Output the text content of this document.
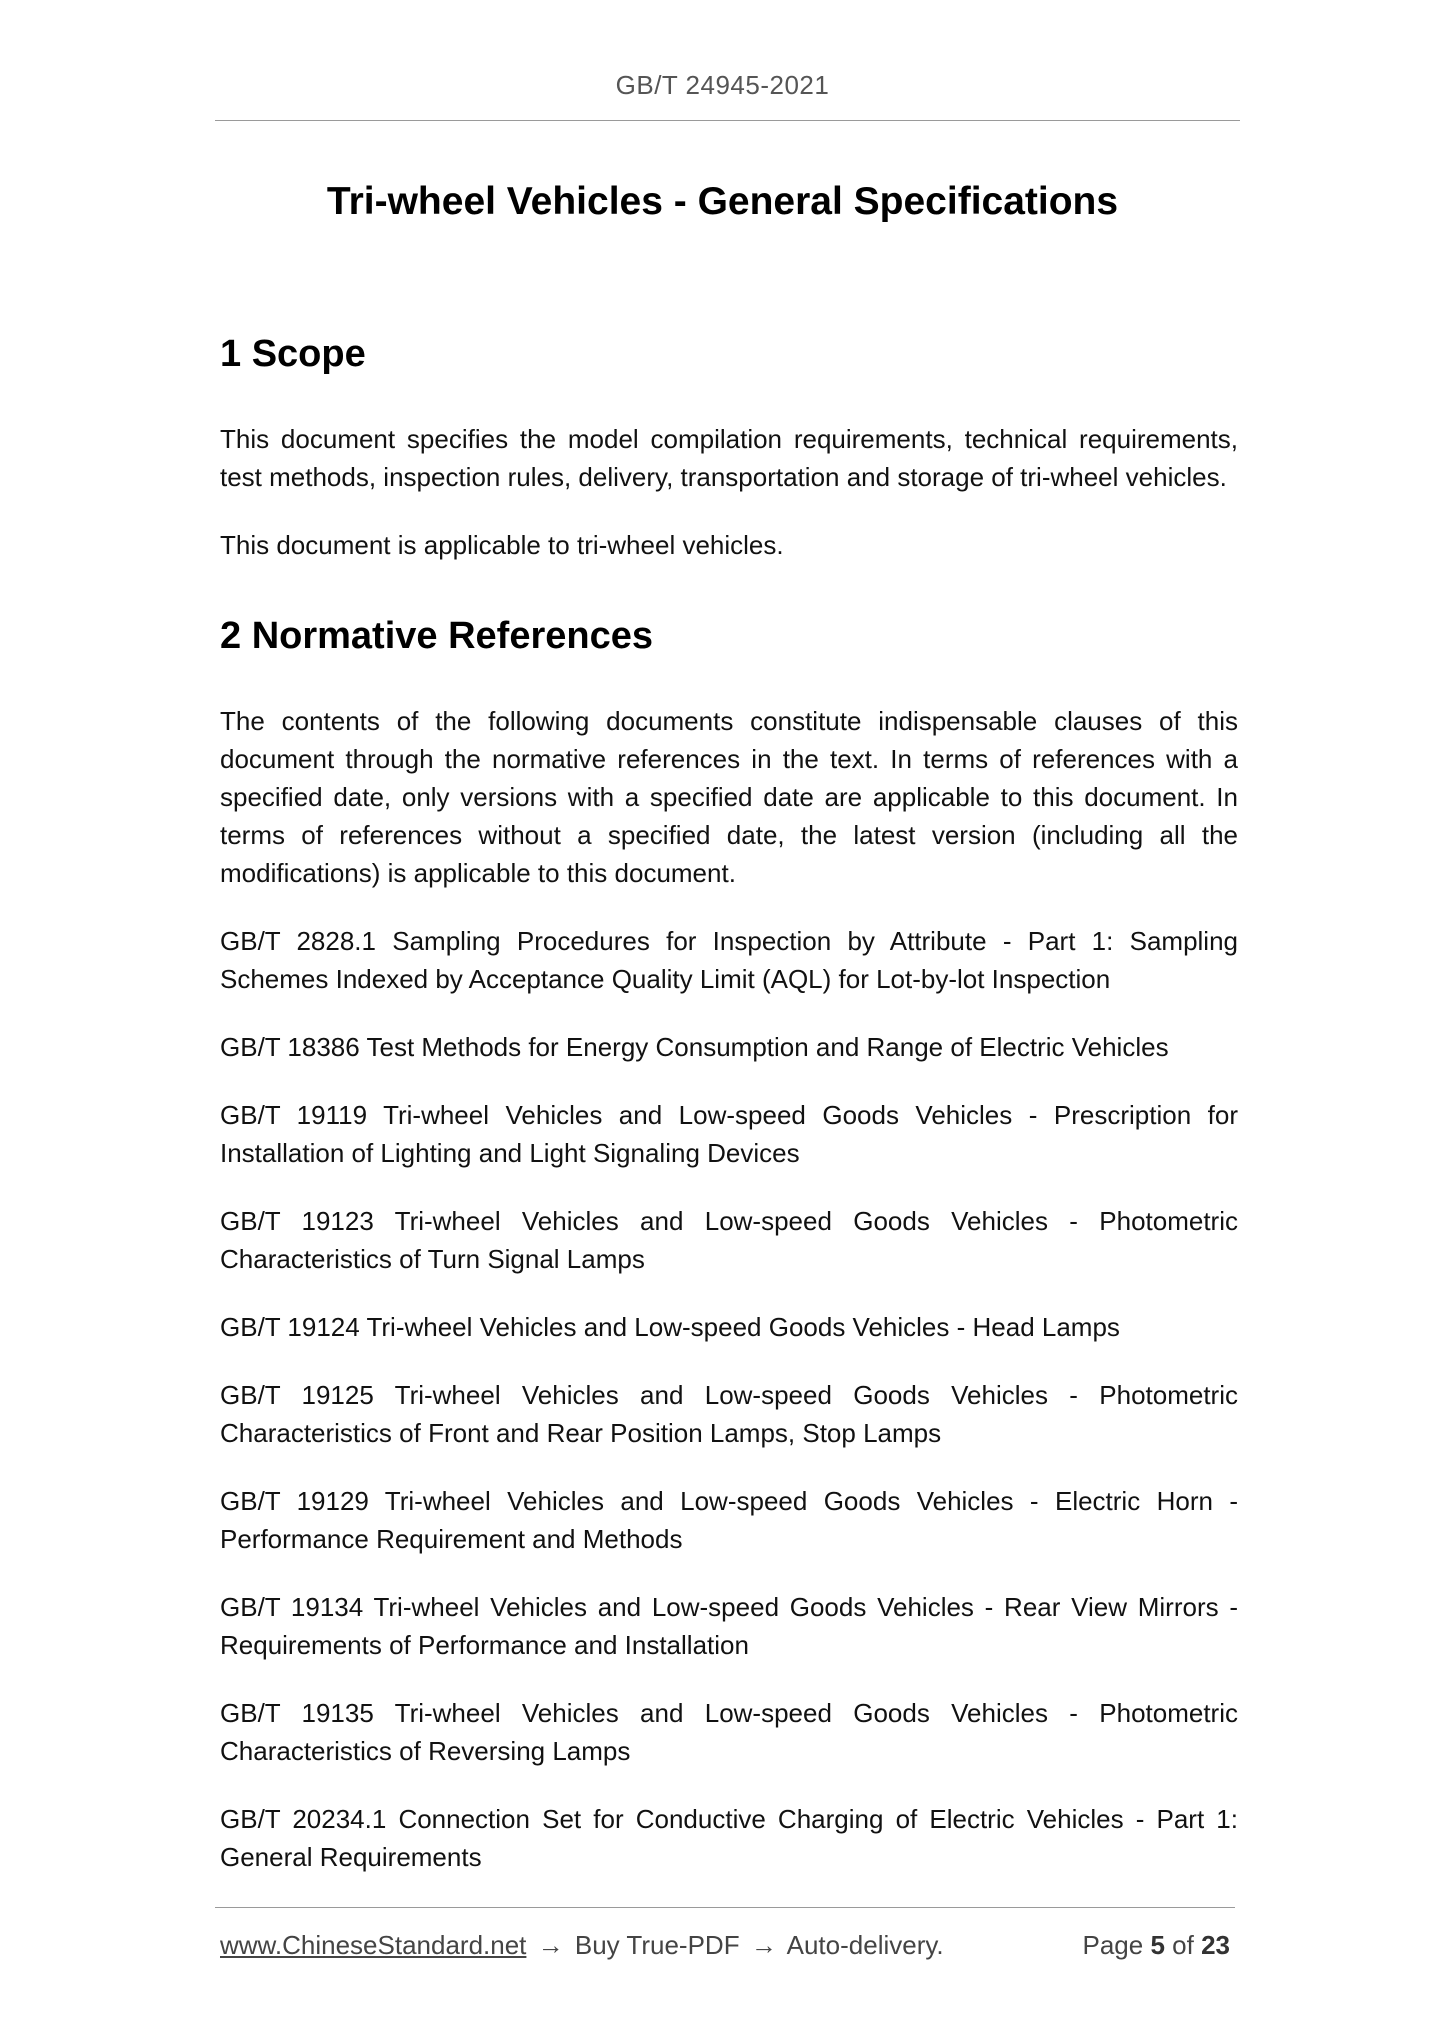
GB/T 24945-2021
Tri-wheel Vehicles - General Specifications
1 Scope

This document specifies the model compilation requirements, technical requirements, test methods, inspection rules, delivery, transportation and storage of tri-wheel vehicles.

This document is applicable to tri-wheel vehicles.

2 Normative References

The contents of the following documents constitute indispensable clauses of this document through the normative references in the text. In terms of references with a specified date, only versions with a specified date are applicable to this document. In terms of references without a specified date, the latest version (including all the modifications) is applicable to this document.

GB/T 2828.1 Sampling Procedures for Inspection by Attribute - Part 1: Sampling Schemes Indexed by Acceptance Quality Limit (AQL) for Lot-by-lot Inspection

GB/T 18386 Test Methods for Energy Consumption and Range of Electric Vehicles

GB/T 19119 Tri-wheel Vehicles and Low-speed Goods Vehicles - Prescription for Installation of Lighting and Light Signaling Devices

GB/T 19123 Tri-wheel Vehicles and Low-speed Goods Vehicles - Photometric Characteristics of Turn Signal Lamps

GB/T 19124 Tri-wheel Vehicles and Low-speed Goods Vehicles - Head Lamps

GB/T 19125 Tri-wheel Vehicles and Low-speed Goods Vehicles - Photometric Characteristics of Front and Rear Position Lamps, Stop Lamps

GB/T 19129 Tri-wheel Vehicles and Low-speed Goods Vehicles - Electric Horn - Performance Requirement and Methods

GB/T 19134 Tri-wheel Vehicles and Low-speed Goods Vehicles - Rear View Mirrors - Requirements of Performance and Installation

GB/T 19135 Tri-wheel Vehicles and Low-speed Goods Vehicles - Photometric Characteristics of Reversing Lamps

GB/T 20234.1 Connection Set for Conductive Charging of Electric Vehicles - Part 1: General Requirements

www.ChineseStandard.net → Buy True-PDF → Auto-delivery.	Page 5 of 23
